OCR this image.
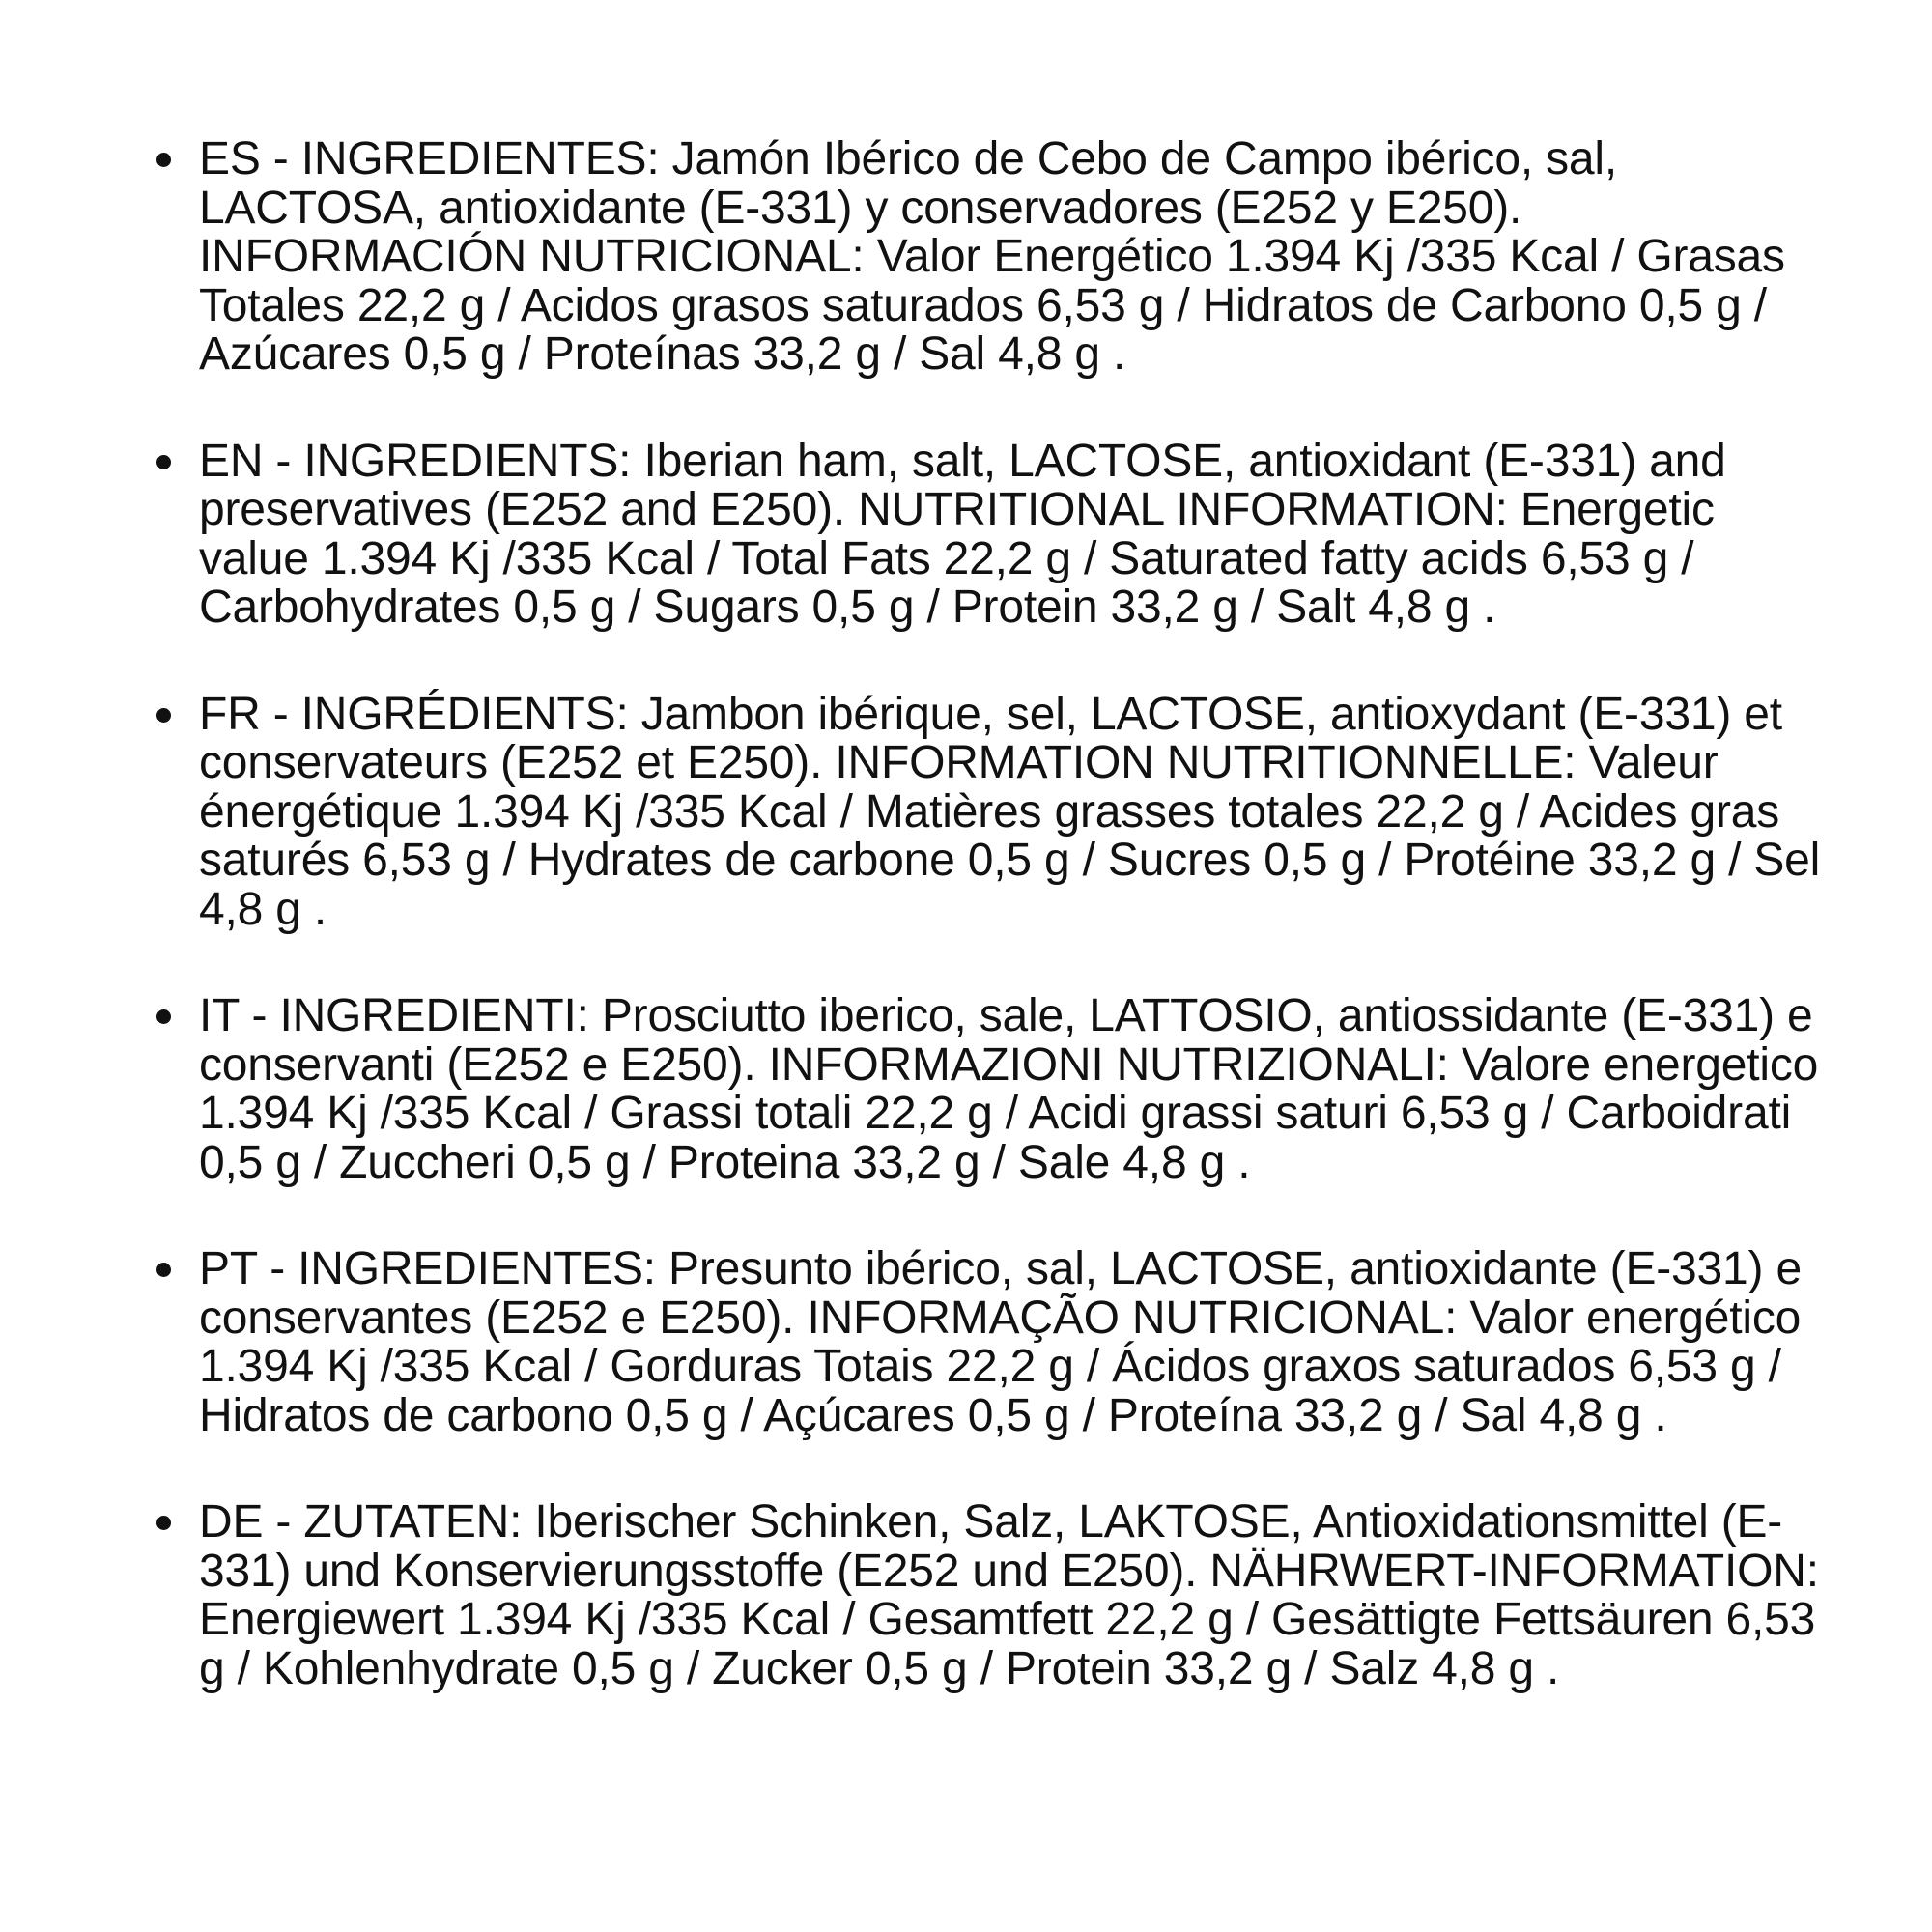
ES - INGREDIENTES: Jamón Ibérico de Cebo de Campo ibérico, sal, LACTOSA, antioxidante (E-331) y conservadores (E252 y E250). INFORMACIÓN NUTRICIONAL: Valor Energético 1.394 Kj /335 Kcal / Grasas Totales 22,2 g / Acidos grasos saturados 6,53 g / Hidratos de Carbono 0,5 g / Azúcares 0,5 g / Proteínas 33,2 g / Sal 4,8 g .
EN - INGREDIENTS: Iberian ham, salt, LACTOSE, antioxidant (E-331) and preservatives (E252 and E250). NUTRITIONAL INFORMATION: Energetic value 1.394 Kj /335 Kcal / Total Fats 22,2 g / Saturated fatty acids 6,53 g / Carbohydrates 0,5 g / Sugars 0,5 g / Protein 33,2 g / Salt 4,8 g .
FR - INGRÉDIENTS: Jambon ibérique, sel, LACTOSE, antioxydant (E-331) et conservateurs (E252 et E250). INFORMATION NUTRITIONNELLE: Valeur énergétique 1.394 Kj /335 Kcal / Matières grasses totales 22,2 g / Acides gras saturés 6,53 g / Hydrates de carbone 0,5 g / Sucres 0,5 g / Protéine 33,2 g / Sel 4,8 g .
IT - INGREDIENTI: Prosciutto iberico, sale, LATTOSIO, antiossidante (E-331) e conservanti (E252 e E250). INFORMAZIONI NUTRIZIONALI: Valore energetico 1.394 Kj /335 Kcal / Grassi totali 22,2 g / Acidi grassi saturi 6,53 g / Carboidrati 0,5 g / Zuccheri 0,5 g / Proteina 33,2 g / Sale 4,8 g .
PT - INGREDIENTES: Presunto ibérico, sal, LACTOSE, antioxidante (E-331) e conservantes (E252 e E250). INFORMAÇÃO NUTRICIONAL: Valor energético 1.394 Kj /335 Kcal / Gorduras Totais 22,2 g / Ácidos graxos saturados 6,53 g / Hidratos de carbono 0,5 g / Açúcares 0,5 g / Proteína 33,2 g / Sal 4,8 g .
DE - ZUTATEN: Iberischer Schinken, Salz, LAKTOSE, Antioxidationsmittel (E-331) und Konservierungsstoffe (E252 und E250). NÄHRWERT-INFORMATION: Energiewert 1.394 Kj /335 Kcal / Gesamtfett 22,2 g / Gesättigte Fettsäuren 6,53 g / Kohlenhydrate 0,5 g / Zucker 0,5 g / Protein 33,2 g / Salz 4,8 g .
